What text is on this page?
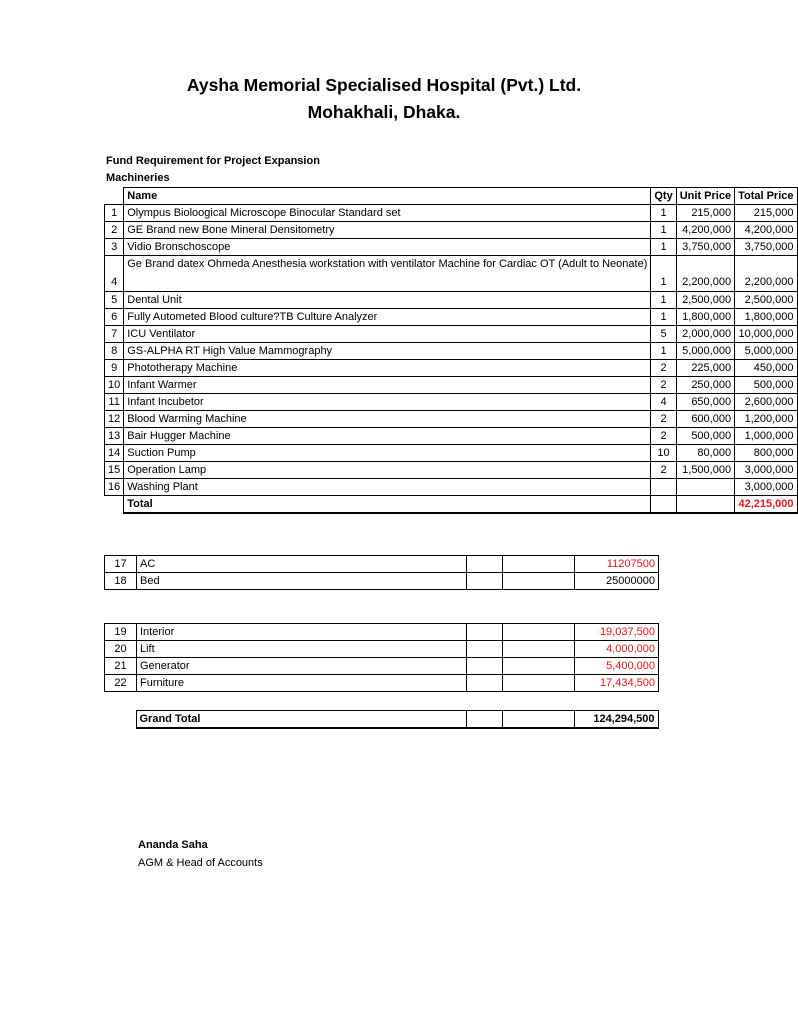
Aysha Memorial Specialised Hospital (Pvt.) Ltd.
Mohakhali, Dhaka.
Fund Requirement for Project Expansion
Machineries
	Name	Qty	Unit Price	Total Price
1	Olympus Bioloogical Microscope Binocular Standard set	1	215,000	215,000
2	GE Brand new Bone Mineral Densitometry	1	4,200,000	4,200,000
3	Vidio Bronschoscope	1	3,750,000	3,750,000
4	Ge Brand datex Ohmeda Anesthesia workstation with ventilator Machine for Cardiac OT (Adult to Neonate)	1	2,200,000	2,200,000
5	Dental Unit	1	2,500,000	2,500,000
6	Fully Autometed Blood culture?TB Culture Analyzer	1	1,800,000	1,800,000
7	ICU Ventilator	5	2,000,000	10,000,000
8	GS-ALPHA RT High Value Mammography	1	5,000,000	5,000,000
9	Phototherapy Machine	2	225,000	450,000
10	Infant Warmer	2	250,000	500,000
11	Infant Incubetor	4	650,000	2,600,000
12	Blood Warming Machine	2	600,000	1,200,000
13	Bair Hugger Machine	2	500,000	1,000,000
14	Suction Pump	10	80,000	800,000
15	Operation Lamp	2	1,500,000	3,000,000
16	Washing Plant			3,000,000
	Total			42,215,000
17	AC			11207500
18	Bed			25000000
19	Interior			19,037,500
20	Lift			4,000,000
21	Generator			5,400,000
22	Furniture			17,434,500
	Grand Total			124,294,500
Ananda Saha
AGM & Head of Accounts
